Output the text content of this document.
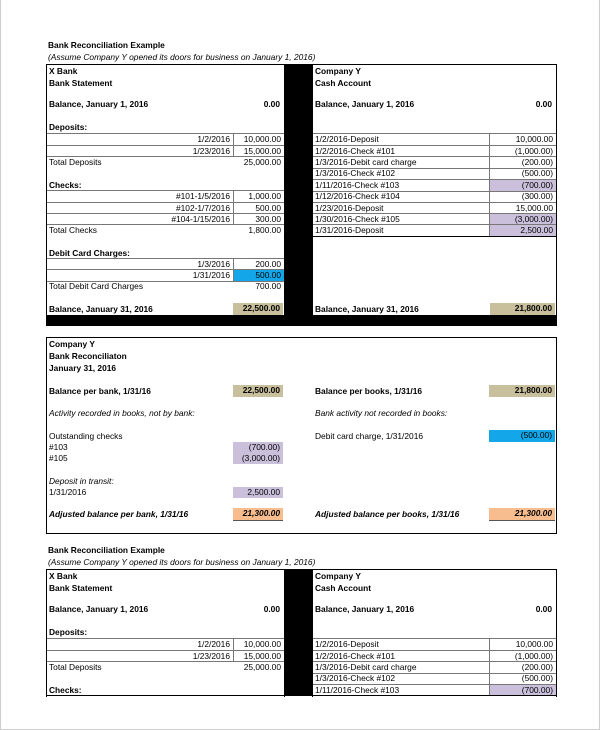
Bank Reconciliation Example
(Assume Company Y opened its doors for business on January 1, 2016)
X Bank
Bank Statement
Balance, January 1, 2016	0.00
Deposits:
1/2/2016	10,000.00
1/23/2016	15,000.00
Total Deposits	25,000.00
Checks:
#101-1/5/2016	1,000.00
#102-1/7/2016	500.00
#104-1/15/2016	300.00
Total Checks	1,800.00
Debit Card Charges:
1/3/2016	200.00
1/31/2016	500.00
Total Debit Card Charges	700.00
Balance, January 31, 2016	22,500.00
Company Y
Cash Account
Balance, January 1, 2016	0.00
1/2/2016-Deposit	10,000.00
1/2/2016-Check #101	(1,000.00)
1/3/2016-Debit card charge	(200.00)
1/3/2016-Check #102	(500.00)
1/11/2016-Check #103	(700.00)
1/12/2016-Check #104	(300.00)
1/23/2016-Deposit	15,000.00
1/30/2016-Check #105	(3,000.00)
1/31/2016-Deposit	2,500.00
Balance, January 31, 2016	21,800.00
Company Y
Bank Reconciliaton
January 31, 2016
Balance per bank, 1/31/16	22,500.00
Activity recorded in books, not by bank:
Outstanding checks
#103	(700.00)
#105	(3,000.00)
Deposit in transit:
1/31/2016	2,500.00
Adjusted balance per bank, 1/31/16	21,300.00
Balance per books, 1/31/16	21,800.00
Bank activity not recorded in books:
Debit card charge, 1/31/2016	(500.00)
Adjusted balance per books, 1/31/16	21,300.00
Bank Reconciliation Example
(Assume Company Y opened its doors for business on January 1, 2016)
X Bank
Bank Statement
Balance, January 1, 2016	0.00
Deposits:
1/2/2016	10,000.00
1/23/2016	15,000.00
Total Deposits	25,000.00
Checks:
Company Y
Cash Account
Balance, January 1, 2016	0.00
1/2/2016-Deposit	10,000.00
1/2/2016-Check #101	(1,000.00)
1/3/2016-Debit card charge	(200.00)
1/3/2016-Check #102	(500.00)
1/11/2016-Check #103	(700.00)
